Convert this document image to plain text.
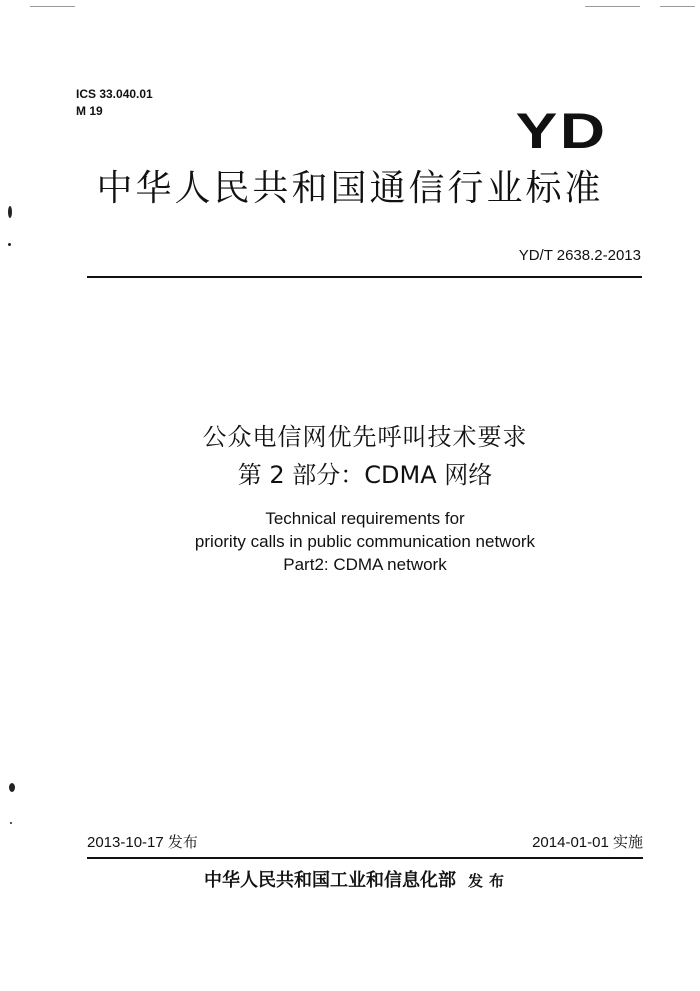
ICS 33.040.01
M 19	YD
中华人民共和国通信行业标准
YD/T 2638.2-2013
公众电信网优先呼叫技术要求
第 2 部分：CDMA 网络
Technical requirements for
priority calls in public communication network
Part2: CDMA network
2013-10-17 发布	2014-01-01 实施
中华人民共和国工业和信息化部 发布
